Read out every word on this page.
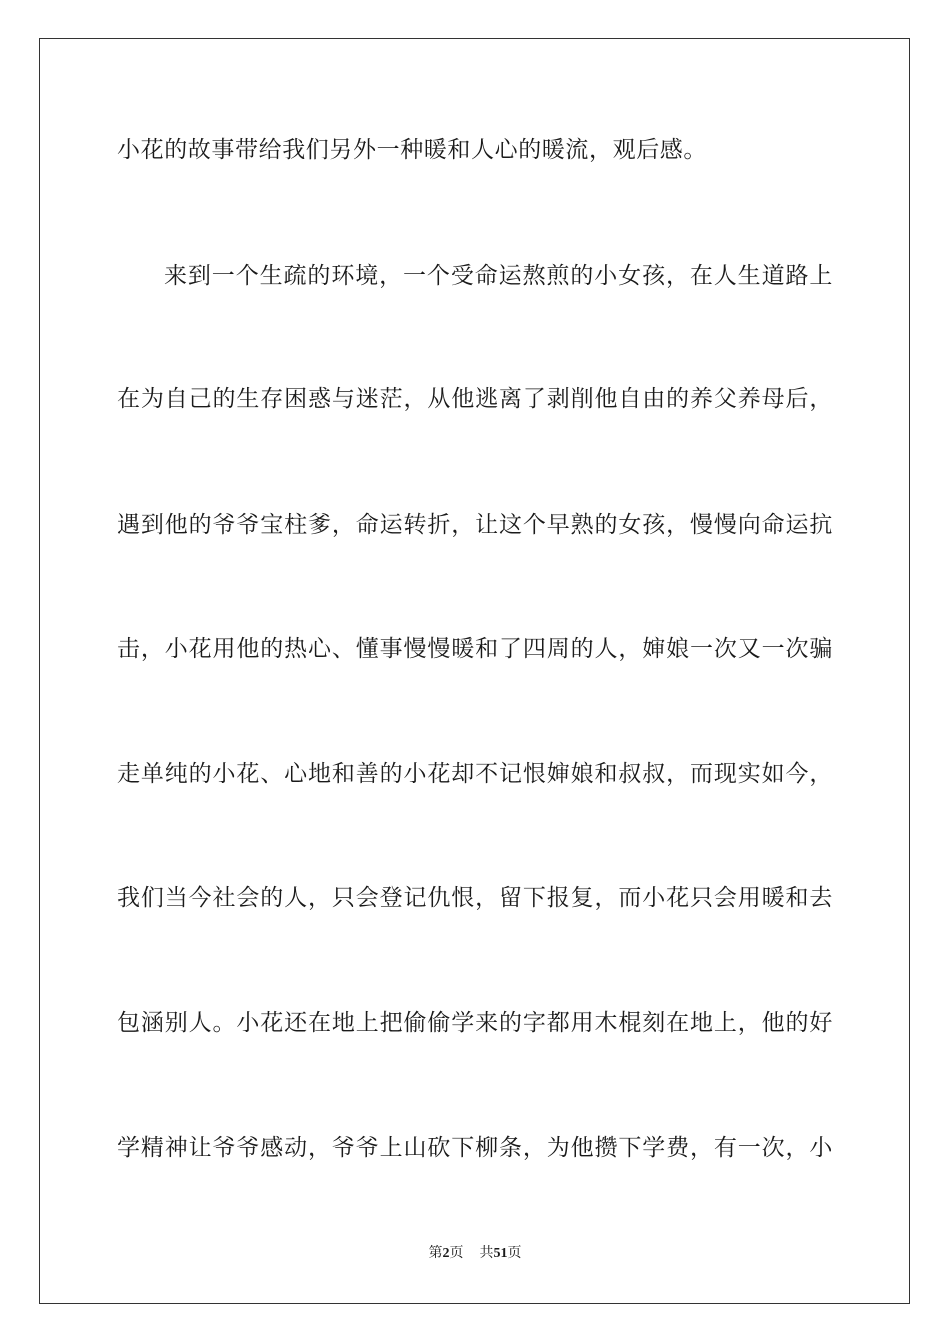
小花的故事带给我们另外一种暖和人心的暖流，观后感。
来到一个生疏的环境，一个受命运熬煎的小女孩，在人生道路上
在为自己的生存困惑与迷茫，从他逃离了剥削他自由的养父养母后，
遇到他的爷爷宝柱爹，命运转折，让这个早熟的女孩，慢慢向命运抗
击，小花用他的热心、懂事慢慢暖和了四周的人，婶娘一次又一次骗
走单纯的小花、心地和善的小花却不记恨婶娘和叔叔，而现实如今，
我们当今社会的人，只会登记仇恨，留下报复，而小花只会用暖和去
包涵别人。小花还在地上把偷偷学来的字都用木棍刻在地上，他的好
学精神让爷爷感动，爷爷上山砍下柳条，为他攒下学费，有一次，小
第2页 共51页
